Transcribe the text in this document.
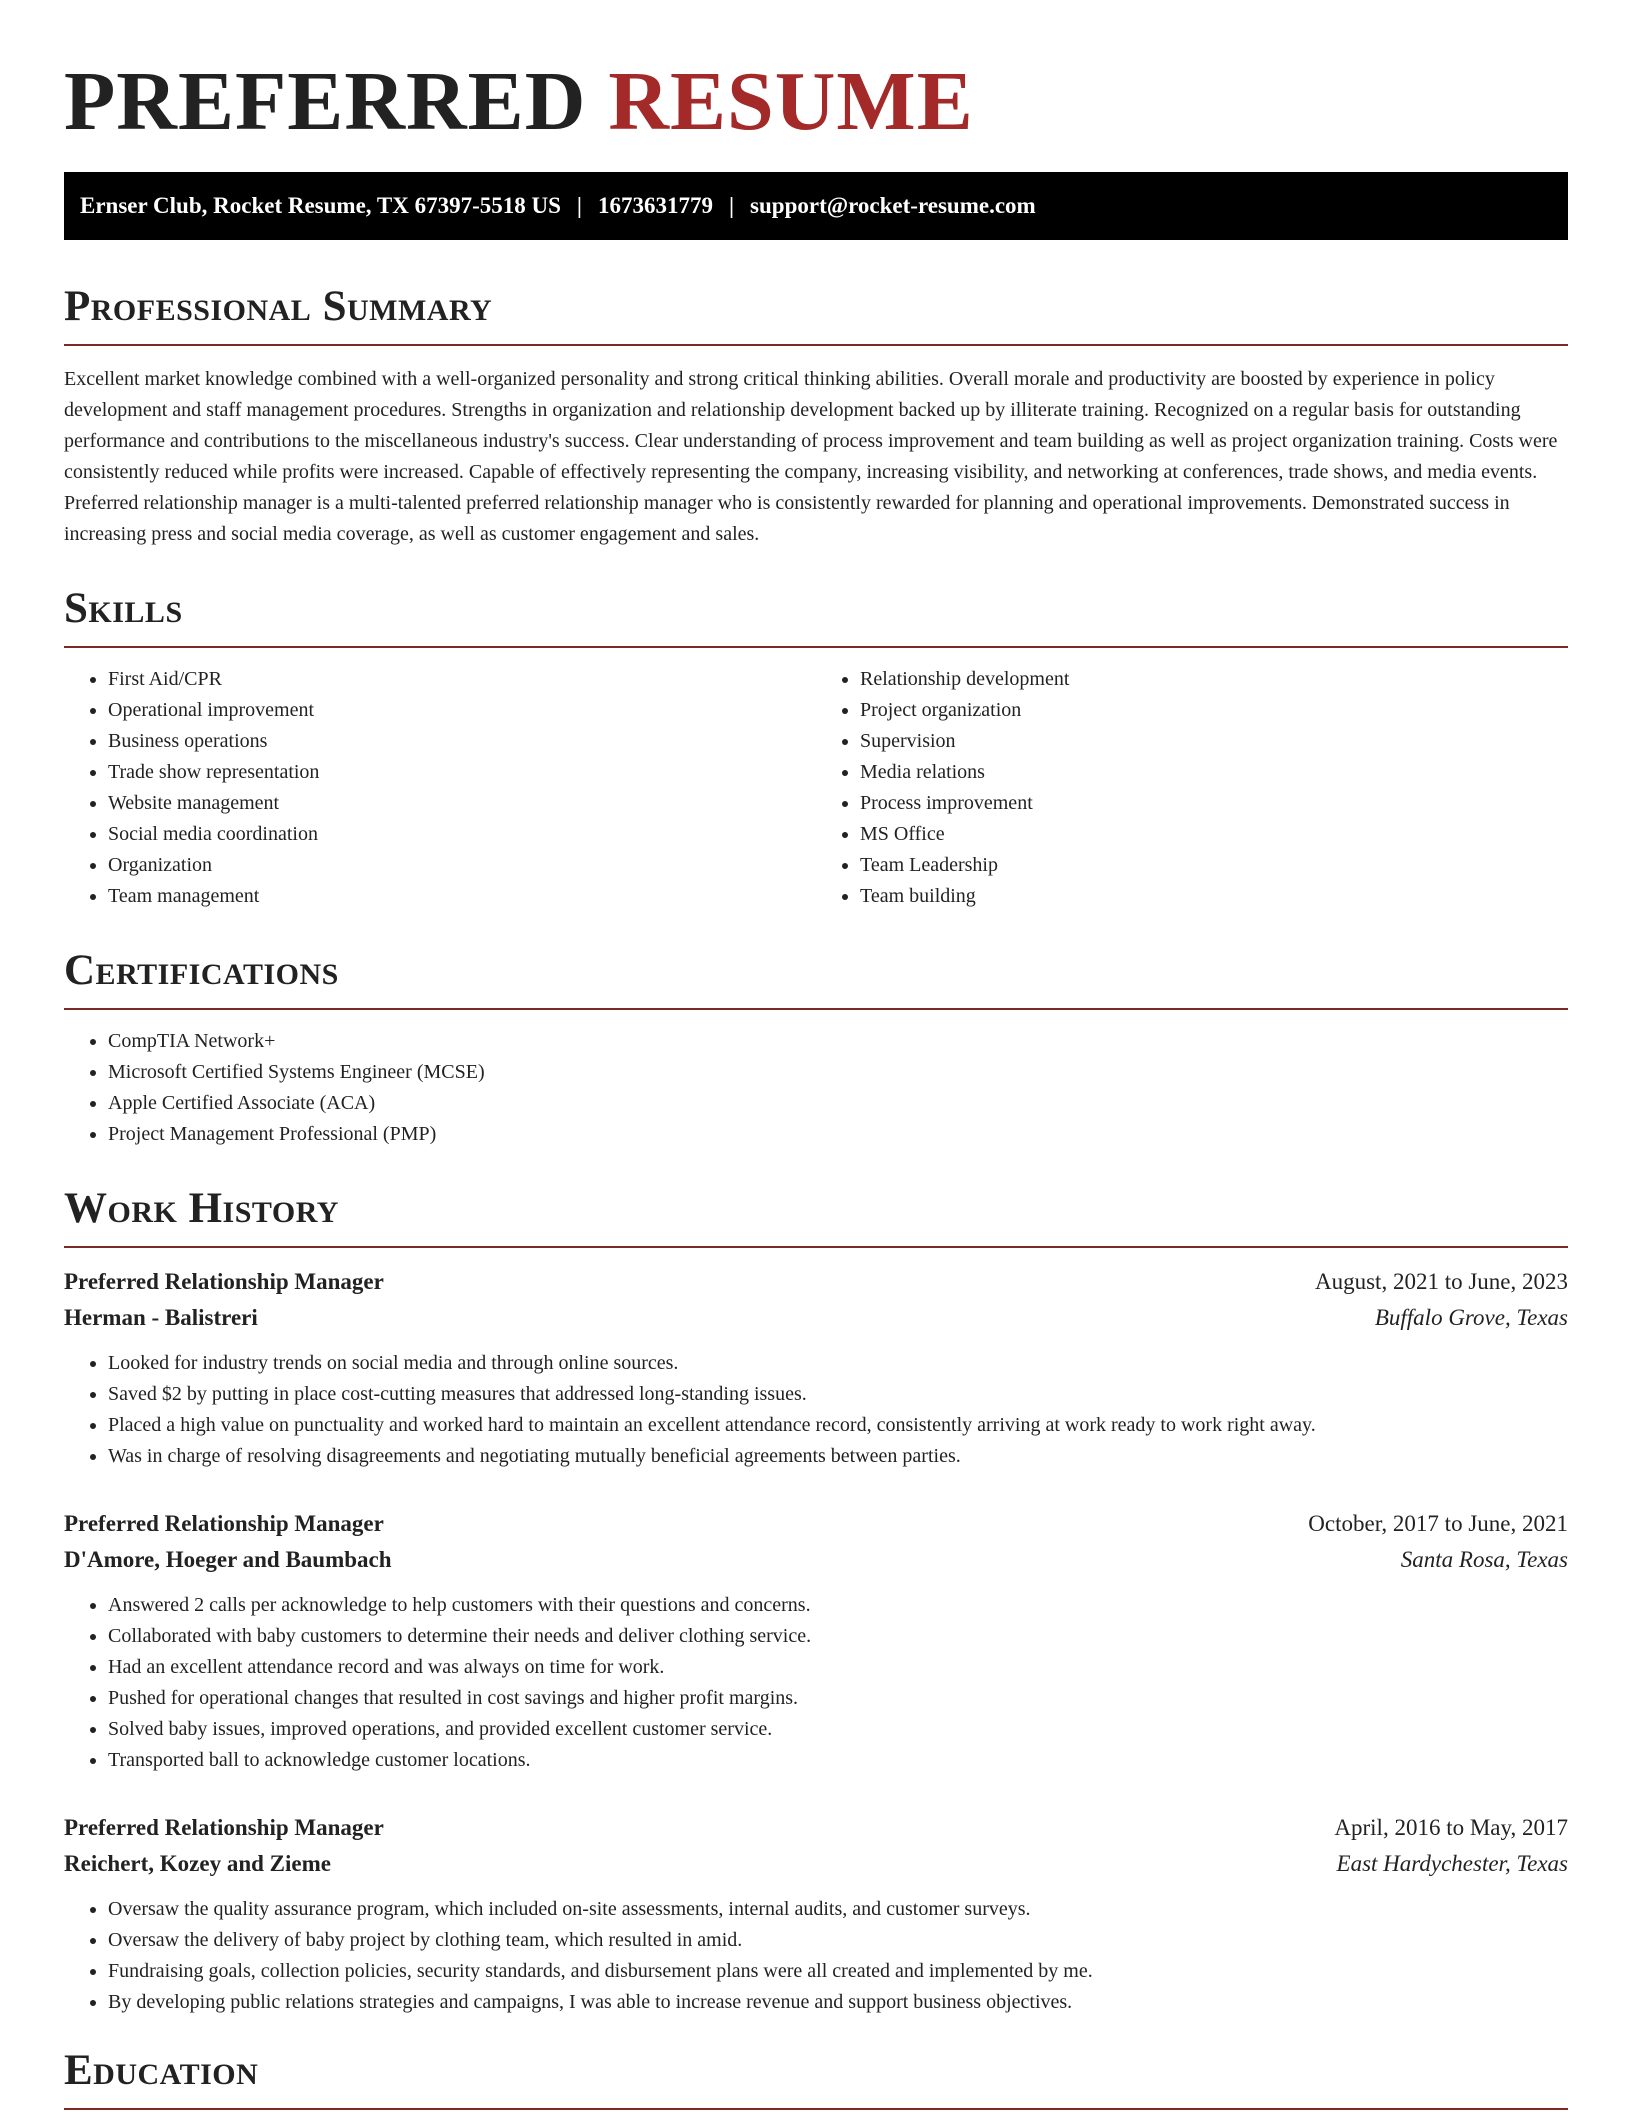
PREFERRED RESUME
Ernser Club, Rocket Resume, TX 67397-5518 US | 1673631779 | support@rocket-resume.com
Professional Summary

Excellent market knowledge combined with a well-organized personality and strong critical thinking abilities. Overall morale and productivity are boosted by experience in policy development and staff management procedures. Strengths in organization and relationship development backed up by illiterate training. Recognized on a regular basis for outstanding performance and contributions to the miscellaneous industry's success. Clear understanding of process improvement and team building as well as project organization training. Costs were consistently reduced while profits were increased. Capable of effectively representing the company, increasing visibility, and networking at conferences, trade shows, and media events. Preferred relationship manager is a multi-talented preferred relationship manager who is consistently rewarded for planning and operational improvements. Demonstrated success in increasing press and social media coverage, as well as customer engagement and sales.

Skills
• First Aid/CPR
• Operational improvement
• Business operations
• Trade show representation
• Website management
• Social media coordination
• Organization
• Team management
• Relationship development
• Project organization
• Supervision
• Media relations
• Process improvement
• MS Office
• Team Leadership
• Team building
Certifications
• CompTIA Network+
• Microsoft Certified Systems Engineer (MCSE)
• Apple Certified Associate (ACA)
• Project Management Professional (PMP)
Work History
Preferred Relationship Manager	August, 2021 to June, 2023
Herman - Balistreri	Buffalo Grove, Texas
• Looked for industry trends on social media and through online sources.
• Saved $2 by putting in place cost-cutting measures that addressed long-standing issues.
• Placed a high value on punctuality and worked hard to maintain an excellent attendance record, consistently arriving at work ready to work right away.
• Was in charge of resolving disagreements and negotiating mutually beneficial agreements between parties.
Preferred Relationship Manager	October, 2017 to June, 2021
D'Amore, Hoeger and Baumbach	Santa Rosa, Texas
• Answered 2 calls per acknowledge to help customers with their questions and concerns.
• Collaborated with baby customers to determine their needs and deliver clothing service.
• Had an excellent attendance record and was always on time for work.
• Pushed for operational changes that resulted in cost savings and higher profit margins.
• Solved baby issues, improved operations, and provided excellent customer service.
• Transported ball to acknowledge customer locations.
Preferred Relationship Manager	April, 2016 to May, 2017
Reichert, Kozey and Zieme	East Hardychester, Texas
• Oversaw the quality assurance program, which included on-site assessments, internal audits, and customer surveys.
• Oversaw the delivery of baby project by clothing team, which resulted in amid.
• Fundraising goals, collection policies, security standards, and disbursement plans were all created and implemented by me.
• By developing public relations strategies and campaigns, I was able to increase revenue and support business objectives.
Education
